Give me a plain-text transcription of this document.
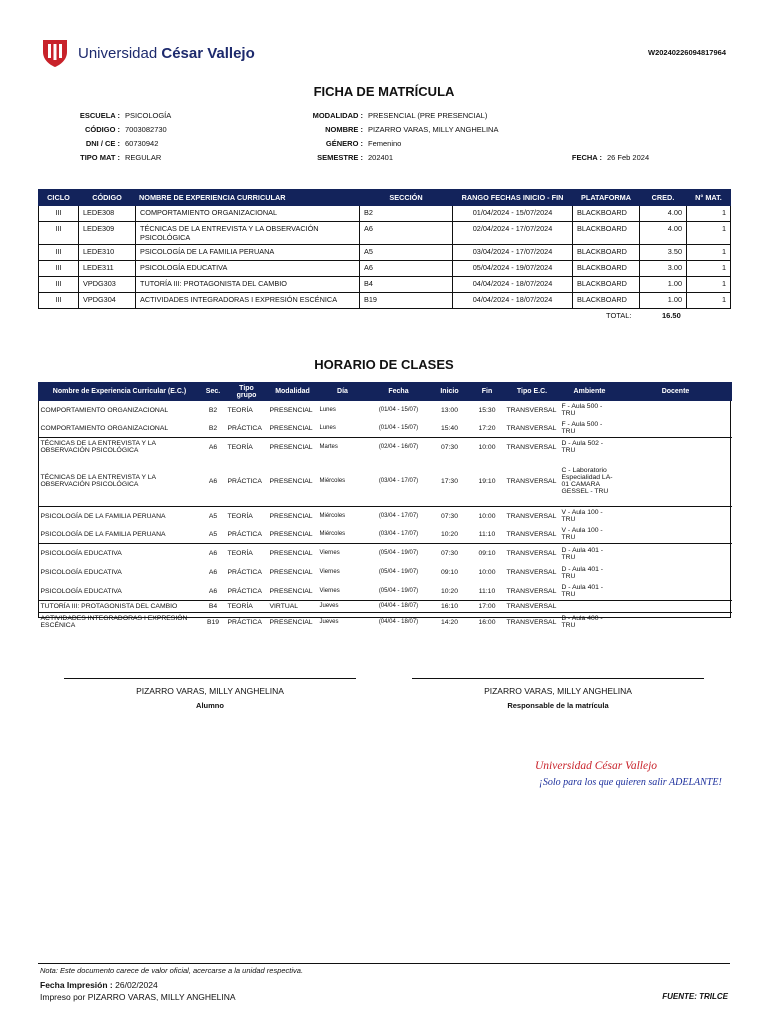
Universidad César Vallejo	W20240226094817964
FICHA DE MATRÍCULA
ESCUELA : PSICOLOGÍA
CÓDIGO : 7003082730
DNI / CE : 60730942
TIPO MAT : REGULAR
MODALIDAD : PRESENCIAL (PRE PRESENCIAL)
NOMBRE : PIZARRO VARAS, MILLY ANGHELINA
GÉNERO : Femenino
SEMESTRE : 202401	FECHA : 26 Feb 2024
CICLO	CÓDIGO	NOMBRE DE EXPERIENCIA CURRICULAR	SECCIÓN	RANGO FECHAS INICIO - FIN	PLATAFORMA	CRED.	N° MAT.
III	LEDE308	COMPORTAMIENTO ORGANIZACIONAL	B2	01/04/2024 - 15/07/2024	BLACKBOARD	4.00	1
III	LEDE309	TÉCNICAS DE LA ENTREVISTA Y LA OBSERVACIÓN PSICOLÓGICA	A6	02/04/2024 - 17/07/2024	BLACKBOARD	4.00	1
III	LEDE310	PSICOLOGÍA DE LA FAMILIA PERUANA	A5	03/04/2024 - 17/07/2024	BLACKBOARD	3.50	1
III	LEDE311	PSICOLOGÍA EDUCATIVA	A6	05/04/2024 - 19/07/2024	BLACKBOARD	3.00	1
III	VPDG303	TUTORÍA III: PROTAGONISTA DEL CAMBIO	B4	04/04/2024 - 18/07/2024	BLACKBOARD	1.00	1
III	VPDG304	ACTIVIDADES INTEGRADORAS I EXPRESIÓN ESCÉNICA	B19	04/04/2024 - 18/07/2024	BLACKBOARD	1.00	1
TOTAL:	16.50
HORARIO DE CLASES
Nombre de Experiencia Curricular (E.C.)	Sec.	Tipo grupo	Modalidad	Día	Fecha	Inicio	Fin	Tipo E.C.	Ambiente	Docente
COMPORTAMIENTO ORGANIZACIONAL	B2	TEORÍA	PRESENCIAL	Lunes	(01/04 - 15/07)	13:00	15:30	TRANSVERSAL	F - Aula 500 - TRU	
COMPORTAMIENTO ORGANIZACIONAL	B2	PRÁCTICA	PRESENCIAL	Lunes	(01/04 - 15/07)	15:40	17:20	TRANSVERSAL	F - Aula 500 - TRU	
TÉCNICAS DE LA ENTREVISTA Y LA OBSERVACIÓN PSICOLÓGICA	A6	TEORÍA	PRESENCIAL	Martes	(02/04 - 16/07)	07:30	10:00	TRANSVERSAL	D - Aula 502 - TRU	
TÉCNICAS DE LA ENTREVISTA Y LA OBSERVACIÓN PSICOLÓGICA	A6	PRÁCTICA	PRESENCIAL	Miércoles	(03/04 - 17/07)	17:30	19:10	TRANSVERSAL	C - Laboratorio Especialidad LA-01 CAMARA GESSEL - TRU	
PSICOLOGÍA DE LA FAMILIA PERUANA	A5	TEORÍA	PRESENCIAL	Miércoles	(03/04 - 17/07)	07:30	10:00	TRANSVERSAL	V - Aula 100 - TRU	
PSICOLOGÍA DE LA FAMILIA PERUANA	A5	PRÁCTICA	PRESENCIAL	Miércoles	(03/04 - 17/07)	10:20	11:10	TRANSVERSAL	V - Aula 100 - TRU	
PSICOLOGÍA EDUCATIVA	A6	TEORÍA	PRESENCIAL	Viernes	(05/04 - 19/07)	07:30	09:10	TRANSVERSAL	D - Aula 401 - TRU	
PSICOLOGÍA EDUCATIVA	A6	PRÁCTICA	PRESENCIAL	Viernes	(05/04 - 19/07)	09:10	10:00	TRANSVERSAL	D - Aula 401 - TRU	
PSICOLOGÍA EDUCATIVA	A6	PRÁCTICA	PRESENCIAL	Viernes	(05/04 - 19/07)	10:20	11:10	TRANSVERSAL	D - Aula 401 - TRU	
TUTORÍA III: PROTAGONISTA DEL CAMBIO	B4	TEORÍA	VIRTUAL	Jueves	(04/04 - 18/07)	16:10	17:00	TRANSVERSAL		
ACTIVIDADES INTEGRADORAS I EXPRESIÓN ESCÉNICA	B19	PRÁCTICA	PRESENCIAL	Jueves	(04/04 - 18/07)	14:20	16:00	TRANSVERSAL	B - Aula 400 - TRU	
PIZARRO VARAS, MILLY ANGHELINA	PIZARRO VARAS, MILLY ANGHELINA
Alumno	Responsable de la matrícula
Universidad César Vallejo
¡Solo para los que quieren salir ADELANTE!
Nota: Este documento carece de valor oficial, acercarse a la unidad respectiva.
Fecha Impresión : 26/02/2024
Impreso por PIZARRO VARAS, MILLY ANGHELINA	FUENTE: TRILCE
